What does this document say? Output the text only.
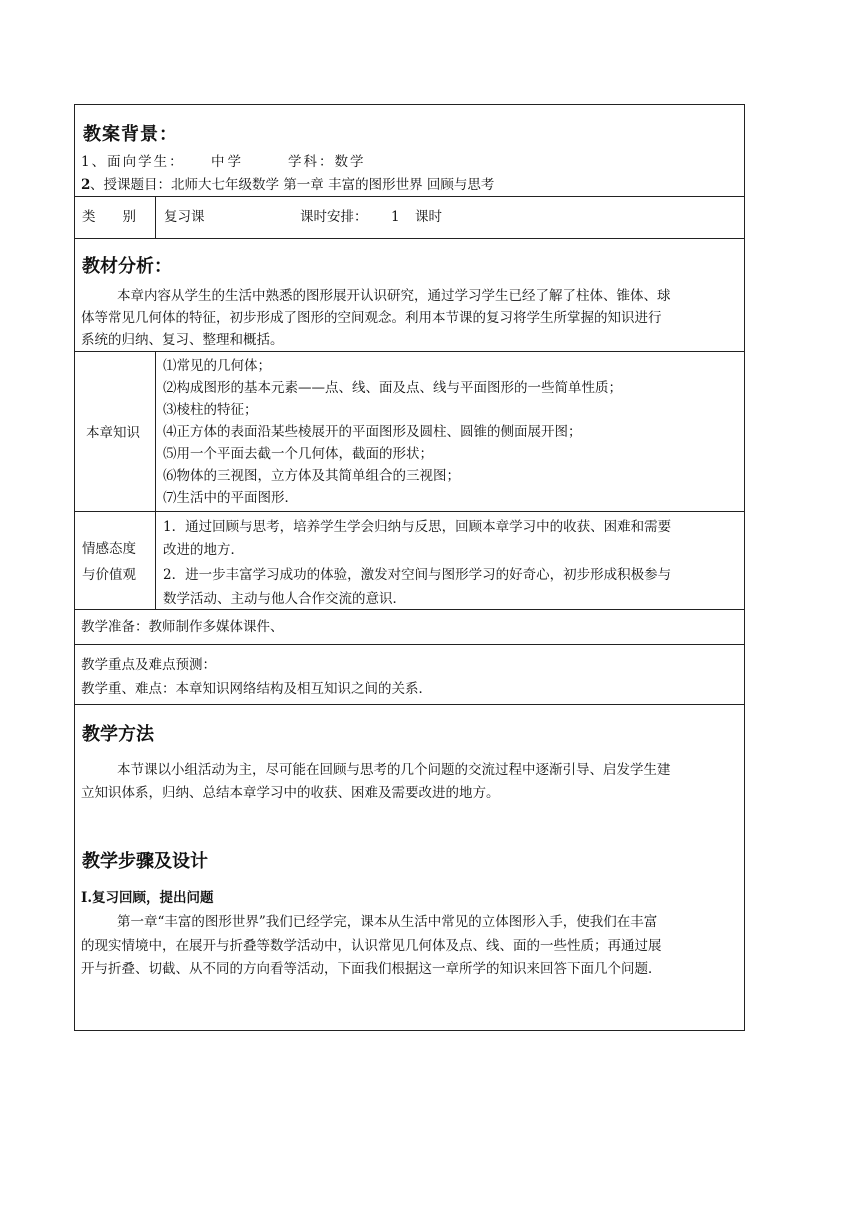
教案背景：
1、面向学生： 中学	学科：数学
2 、授课题目：北师大七年级数学 第一章 丰富的图形世界 回顾与思考
类　　别 复习课	课时安排： 1 课时
教材分析：
本章内容从学生的生活中熟悉的图形展开认识研究，通过学习学生已经了解了柱体、锥体、球
体等常见几何体的特征，初步形成了图形的空间观念。利用本节课的复习将学生所掌握的知识进行
系统的归纳、复习、整理和概括。
本章知识
⑴常见的几何体；
⑵构成图形的基本元素——点、线、面及点、线与平面图形的一些简单性质；
⑶棱柱的特征；
⑷正方体的表面沿某些棱展开的平面图形及圆柱、圆锥的侧面展开图；
⑸用一个平面去截一个几何体，截面的形状；
⑹物体的三视图，立方体及其简单组合的三视图；
⑺生活中的平面图形．
情感态度
与价值观
1．通过回顾与思考，培养学生学会归纳与反思，回顾本章学习中的收获、困难和需要
改进的地方．
2．进一步丰富学习成功的体验，激发对空间与图形学习的好奇心，初步形成积极参与
数学活动、主动与他人合作交流的意识．
教学准备：教师制作多媒体课件、
教学重点及难点预测：
教学重、难点：本章知识网络结构及相互知识之间的关系．
教学方法
本节课以小组活动为主，尽可能在回顾与思考的几个问题的交流过程中逐渐引导、启发学生建
立知识体系，归纳、总结本章学习中的收获、困难及需要改进的地方。
教学步骤及设计
Ⅰ.复习回顾，提出问题
第一章“丰富的图形世界”我们已经学完，课本从生活中常见的立体图形入手，使我们在丰富
的现实情境中，在展开与折叠等数学活动中，认识常见几何体及点、线、面的一些性质；再通过展
开与折叠、切截、从不同的方向看等活动，下面我们根据这一章所学的知识来回答下面几个问题．
